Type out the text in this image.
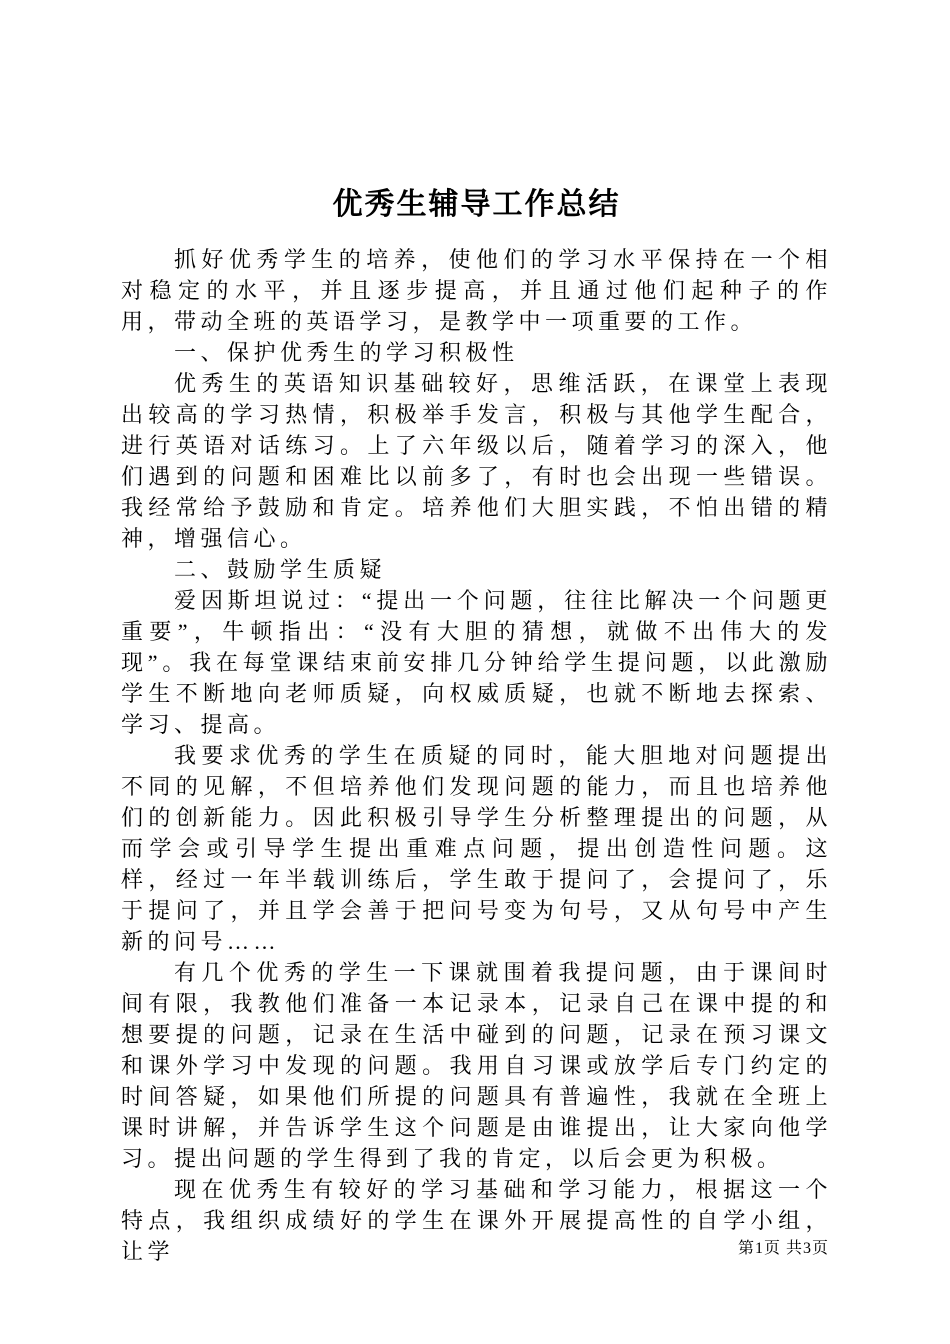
优秀生辅导工作总结

抓好优秀学生的培养，使他们的学习水平保持在一个相对稳定的水平，并且逐步提高，并且通过他们起种子的作用，带动全班的英语学习，是教学中一项重要的工作。

一、保护优秀生的学习积极性

优秀生的英语知识基础较好，思维活跃，在课堂上表现出较高的学习热情，积极举手发言，积极与其他学生配合，进行英语对话练习。上了六年级以后，随着学习的深入，他们遇到的问题和困难比以前多了，有时也会出现一些错误。我经常给予鼓励和肯定。培养他们大胆实践，不怕出错的精神，增强信心。

二、鼓励学生质疑

爱因斯坦说过：“提出一个问题，往往比解决一个问题更重要”，牛顿指出：“没有大胆的猜想，就做不出伟大的发现”。我在每堂课结束前安排几分钟给学生提问题，以此激励学生不断地向老师质疑，向权威质疑，也就不断地去探索、学习、提高。

我要求优秀的学生在质疑的同时，能大胆地对问题提出不同的见解，不但培养他们发现问题的能力，而且也培养他们的创新能力。因此积极引导学生分析整理提出的问题，从而学会或引导学生提出重难点问题，提出创造性问题。这样，经过一年半载训练后，学生敢于提问了，会提问了，乐于提问了，并且学会善于把问号变为句号，又从句号中产生新的问号……

有几个优秀的学生一下课就围着我提问题，由于课间时间有限，我教他们准备一本记录本，记录自己在课中提的和想要提的问题，记录在生活中碰到的问题，记录在预习课文和课外学习中发现的问题。我用自习课或放学后专门约定的时间答疑，如果他们所提的问题具有普遍性，我就在全班上课时讲解，并告诉学生这个问题是由谁提出，让大家向他学习。提出问题的学生得到了我的肯定，以后会更为积极。

现在优秀生有较好的学习基础和学习能力，根据这一个特点，我组织成绩好的学生在课外开展提高性的自学小组，让学	第1页 共3页
